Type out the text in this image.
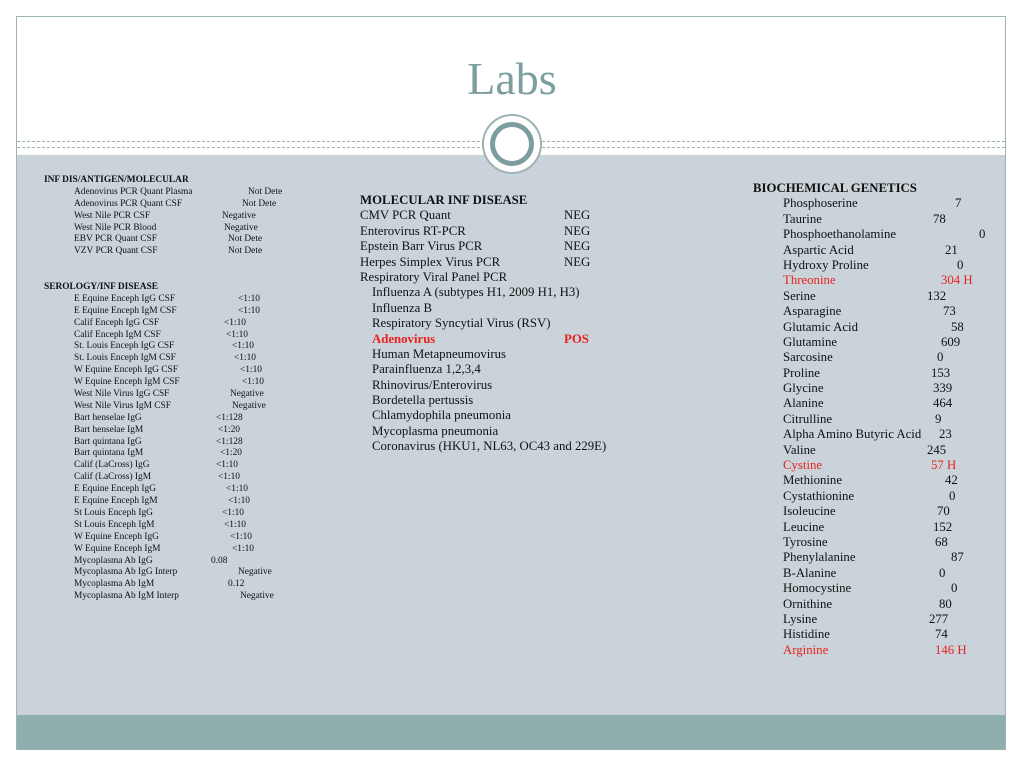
Labs
INF DIS/ANTIGEN/MOLECULAR
Adenovirus PCR Quant Plasma	Not Dete
Adenovirus PCR Quant CSF	Not Dete
West Nile PCR CSF	Negative
West Nile PCR Blood	Negative
EBV PCR Quant CSF	Not Dete
VZV PCR Quant CSF	Not Dete
SEROLOGY/INF DISEASE
E Equine Enceph IgG CSF	<1:10
E Equine Enceph IgM CSF	<1:10
Calif Enceph IgG CSF	<1:10
Calif Enceph IgM CSF	<1:10
St. Louis Enceph IgG CSF	<1:10
St. Louis Enceph IgM CSF	<1:10
W Equine Enceph IgG CSF	<1:10
W Equine Enceph IgM CSF	<1:10
West Nile Virus IgG CSF	Negative
West Nile Virus IgM CSF	Negative
Bart henselae IgG	<1:128
Bart henselae IgM	<1:20
Bart quintana IgG	<1:128
Bart quintana IgM	<1:20
Calif (LaCross) IgG	<1:10
Calif (LaCross) IgM	<1:10
E Equine Enceph IgG	<1:10
E Equine Enceph IgM	<1:10
St Louis Enceph IgG	<1:10
St Louis Enceph IgM	<1:10
W Equine Enceph IgG	<1:10
W Equine Enceph IgM	<1:10
Mycoplasma Ab IgG	0.08
Mycoplasma Ab IgG Interp	Negative
Mycoplasma Ab IgM	0.12
Mycoplasma Ab IgM Interp	Negative
MOLECULAR INF DISEASE
CMV PCR Quant	NEG
Enterovirus RT-PCR	NEG
Epstein Barr Virus PCR	NEG
Herpes Simplex Virus PCR	NEG
Respiratory Viral Panel PCR
Influenza A (subtypes H1, 2009 H1, H3)
Influenza B
Respiratory Syncytial Virus (RSV)
Adenovirus	POS
Human Metapneumovirus
Parainfluenza 1,2,3,4
Rhinovirus/Enterovirus
Bordetella pertussis
Chlamydophila pneumonia
Mycoplasma pneumonia
Coronavirus (HKU1, NL63, OC43 and 229E)
BIOCHEMICAL GENETICS
Phosphoserine	7
Taurine	78
Phosphoethanolamine	0
Aspartic Acid	21
Hydroxy Proline	0
Threonine	304 H
Serine	132
Asparagine	73
Glutamic Acid	58
Glutamine	609
Sarcosine	0
Proline	153
Glycine	339
Alanine	464
Citrulline	9
Alpha Amino Butyric Acid 23
Valine	245
Cystine	57 H
Methionine	42
Cystathionine	0
Isoleucine	70
Leucine	152
Tyrosine	68
Phenylalanine	87
B-Alanine	0
Homocystine	0
Ornithine	80
Lysine	277
Histidine	74
Arginine	146 H
